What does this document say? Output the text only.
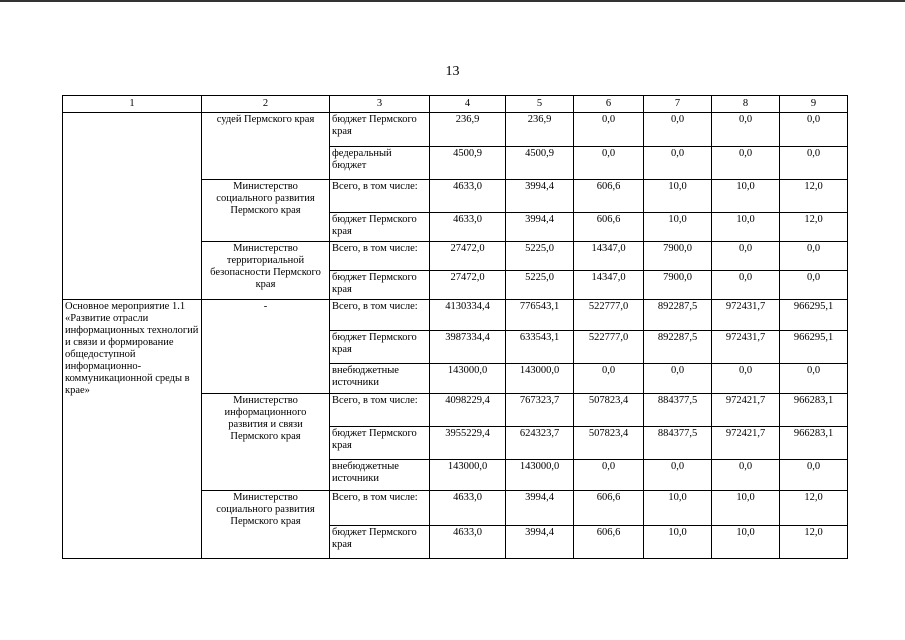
13
1	2	3	4	5	6	7	8	9
	судей Пермского края	бюджет Пермского края	236,9	236,9	0,0	0,0	0,0	0,0
		федеральный бюджет	4500,9	4500,9	0,0	0,0	0,0	0,0
	Министерство социального развития Пермского края	Всего, в том числе:	4633,0	3994,4	606,6	10,0	10,0	12,0
		бюджет Пермского края	4633,0	3994,4	606,6	10,0	10,0	12,0
	Министерство территориальной безопасности Пермского края	Всего, в том числе:	27472,0	5225,0	14347,0	7900,0	0,0	0,0
		бюджет Пермского края	27472,0	5225,0	14347,0	7900,0	0,0	0,0
Основное мероприятие 1.1 «Развитие отрасли информационных технологий и связи и формирование общедоступной информационно-коммуникационной среды в крае»	-	Всего, в том числе:	4130334,4	776543,1	522777,0	892287,5	972431,7	966295,1
		бюджет Пермского края	3987334,4	633543,1	522777,0	892287,5	972431,7	966295,1
		внебюджетные источники	143000,0	143000,0	0,0	0,0	0,0	0,0
	Министерство информационного развития и связи Пермского края	Всего, в том числе:	4098229,4	767323,7	507823,4	884377,5	972421,7	966283,1
		бюджет Пермского края	3955229,4	624323,7	507823,4	884377,5	972421,7	966283,1
		внебюджетные источники	143000,0	143000,0	0,0	0,0	0,0	0,0
	Министерство социального развития Пермского края	Всего, в том числе:	4633,0	3994,4	606,6	10,0	10,0	12,0
		бюджет Пермского края	4633,0	3994,4	606,6	10,0	10,0	12,0
